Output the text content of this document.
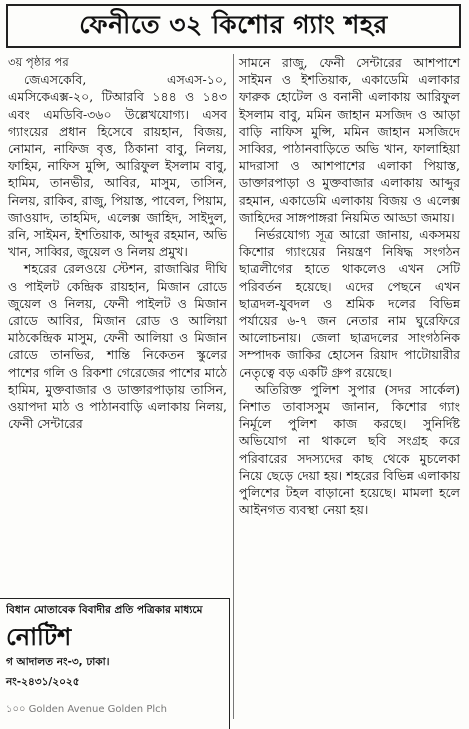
ফেনীতে ৩২ কিশোর গ্যাং শহর

৩য় পৃষ্ঠার পর

জেএসকেবি, এসএস-১০, এমসিকেএক্স-২০, টিআরবি ১৪৪ ও ১৪৩ এবং এমডিবি-৩৬০ উল্লেখযোগ্য। এসব গ্যাংয়ের প্রধান হিসেবে রায়হান, বিজয়, নোমান, নাফিজ বৃত্ত, ঠিকানা বাবু, নিলয়, ফাহিম, নাফিস মুন্সি, আরিফুল ইসলাম বাবু, হামিম, তানভীর, আবির, মাসুম, তাসিন, নিলয়, রাকিব, রাজু, পিয়াস্ত, পাবেল, পিয়াম, জাওয়াদ, তাহমিদ, এলেক্স জাহিদ, সাইদুল, রনি, সাইমন, ইশতিয়াক, আব্দুর রহমান, অভি খান, সাব্বির, জুয়েল ও নিলয় প্রমুখ।

শহরের রেলওয়ে স্টেশন, রাজাঝির দীঘি ও পাইলট কেন্দ্রিক রায়হান, মিজান রোডে জুয়েল ও নিলয়, ফেনী পাইলট ও মিজান রোডে আবির, মিজান রোড ও আলিয়া মাঠকেন্দ্রিক মাসুম, ফেনী আলিয়া ও মিজান রোডে তানভির, শান্তি নিকেতন স্কুলের পাশের গলি ও রিকশা গেরেজের পাশের মাঠে হামিম, মুক্তবাজার ও ডাক্তারপাড়ায় তাসিন, ওয়াপদা মাঠ ও পাঠানবাড়ি এলাকায় নিলয়, ফেনী সেন্টারের

সামনে রাজু, ফেনী সেন্টারের আশপাশে সাইমন ও ইশতিয়াক, একাডেমি এলাকার ফারুক হোটেল ও বনানী এলাকায় আরিফুল ইসলাম বাবু, মমিন জাহান মসজিদ ও আড়া বাড়ি নাফিস মুন্সি, মমিন জাহান মসজিদে সাব্বির, পাঠানবাড়িতে অভি খান, ফালাহিয়া মাদরাসা ও আশপাশের এলাকা পিয়াস্ত, ডাক্তারপাড়া ও মুক্তবাজার এলাকায় আব্দুর রহমান, একাডেমি এলাকায় বিজয় ও এলেক্স জাহিদের সাঙ্গপাঙ্গরা নিয়মিত আড্ডা জমায়।

নির্ভরযোগ্য সূত্র আরো জানায়, একসময় কিশোর গ্যাংয়ের নিয়ন্ত্রণ নিষিদ্ধ সংগঠন ছাত্রলীগের হাতে থাকলেও এখন সেটি পরিবর্তন হয়েছে। এদের পেছনে এখন ছাত্রদল-যুবদল ও শ্রমিক দলের বিভিন্ন পর্যায়ের ৬-৭ জন নেতার নাম ঘুরেফিরে আলোচনায়। জেলা ছাত্রদলের সাংগঠনিক সম্পাদক জাকির হোসেন রিয়াদ পাটোয়ারীর নেতৃত্বে বড় একটি গ্রুপ রয়েছে।

অতিরিক্ত পুলিশ সুপার (সদর সার্কেল) নিশাত তাবাসসুম জানান, কিশোর গ্যাং নির্মূলে পুলিশ কাজ করছে। সুনির্দিষ্ট অভিযোগ না থাকলে ছবি সংগ্রহ করে পরিবারের সদস্যদের কাছ থেকে মুচলেকা নিয়ে ছেড়ে দেয়া হয়। শহরের বিভিন্ন এলাকায় পুলিশের টহল বাড়ানো হয়েছে। মামলা হলে আইনগত ব্যবস্থা নেয়া হয়।

বিধান মোতাবেক বিবাদীর প্রতি পত্রিকার মাধ্যমে
নোটিশ
গ আদালত নং-৩, ঢাকা।
নং-২৪৩১/২০২৫
১০০ Golden Avenue Golden Plch
